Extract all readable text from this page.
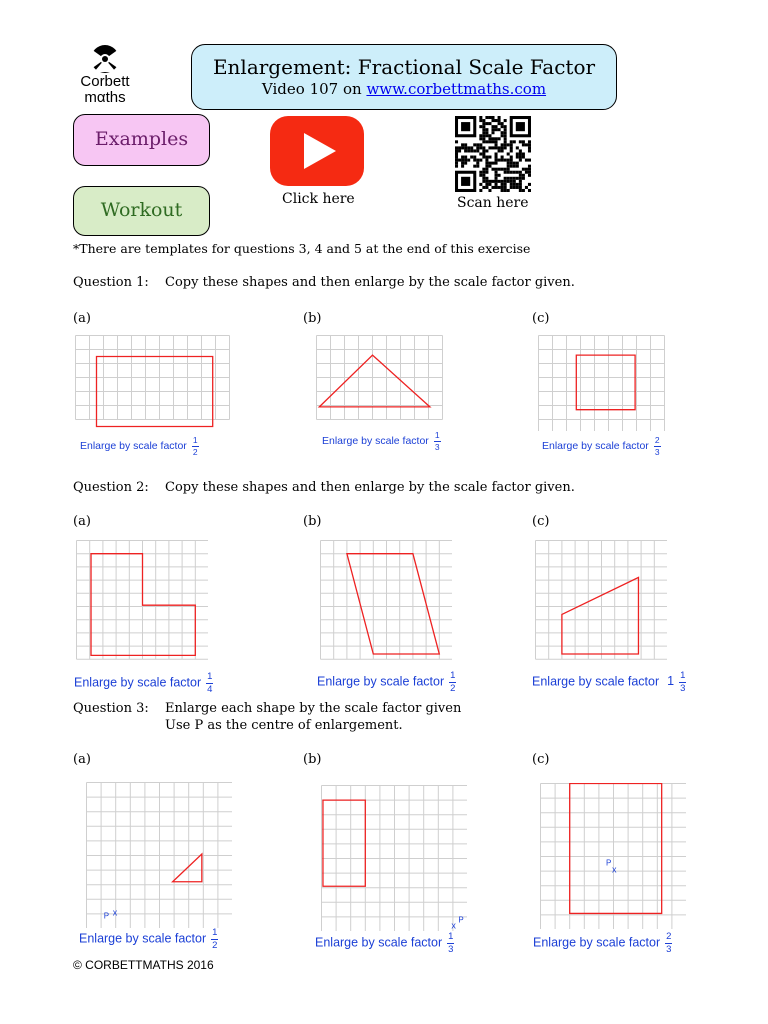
Corbett
mαths
Enlargement: Fractional Scale Factor
Video 107 on www.corbettmaths.com
Examples
Workout	Click here	Scan here
*There are templates for questions 3, 4 and 5 at the end of this exercise
Question 1: Copy these shapes and then enlarge by the scale factor given.
(a)	(b)	(c)
Enlarge by scale factor $\frac{1}{2}$	Enlarge by scale factor $\frac{1}{3}$	Enlarge by scale factor $\frac{2}{3}$
Question 2: Copy these shapes and then enlarge by the scale factor given.
(a)	(b)	(c)
Enlarge by scale factor $\frac{1}{4}$	Enlarge by scale factor $\frac{1}{2}$	Enlarge by scale factor $1 \frac{1}{3}$
Question 3: Enlarge each shape by the scale factor given
Use P as the centre of enlargement.
(a)	(b)	(c)
x
P
x
P
x
P
Enlarge by scale factor $\frac{1}{2}$	Enlarge by scale factor $\frac{1}{3}$	Enlarge by scale factor $\frac{2}{3}$
© CORBETTMATHS 2016
